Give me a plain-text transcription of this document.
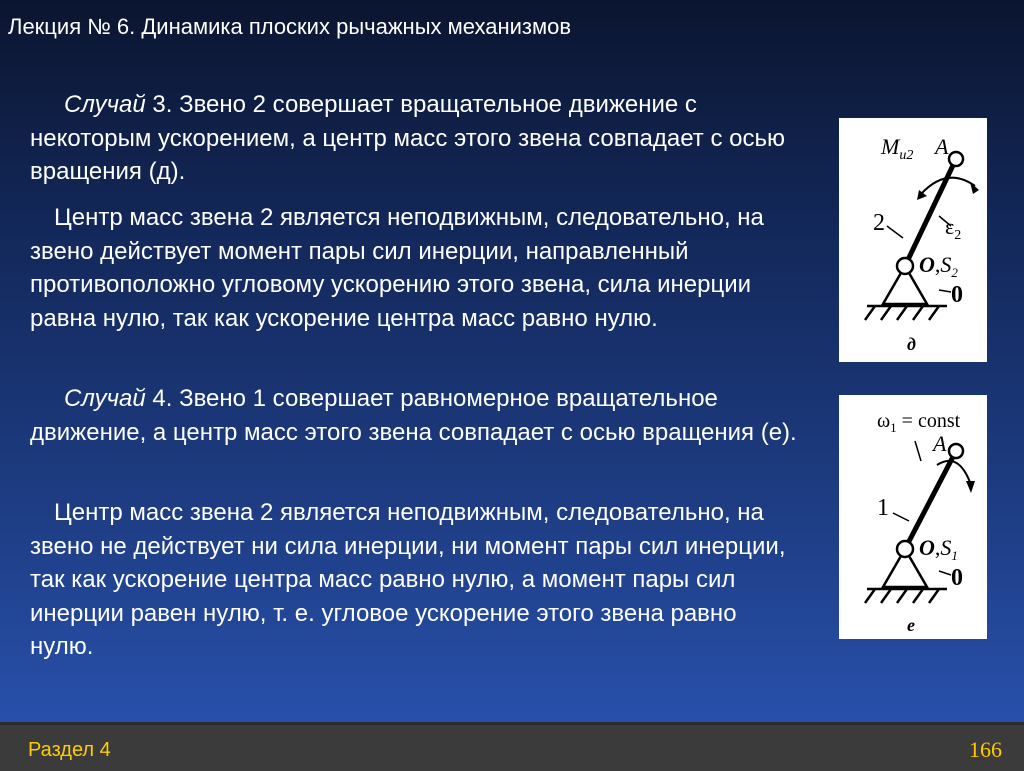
Лекция № 6. Динамика плоских рычажных механизмов
Случай 3. Звено 2 совершает вращательное движение с некоторым ускорением, а центр масс этого звена совпадает с осью вращения (д).
Центр масс звена 2 является неподвижным, следовательно, на звено действует момент пары сил инерции, направленный противоположно угловому ускорению этого звена, сила инерции равна нулю, так как ускорение центра масс равно нулю.
Случай 4. Звено 1 совершает равномерное вращательное движение, а центр масс этого звена совпадает с осью вращения (е).
Центр масс звена 2 является неподвижным, следовательно, на звено не действует ни сила инерции, ни момент пары сил инерции, так как ускорение центра масс равно нулю, а момент пары сил инерции равен нулю, т. е. угловое ускорение этого звена равно нулю.
$M_{и2}$ A
2	$\varepsilon_2$
$O,S_2$
0
д
$\omega_1$ = const
A
1
$O,S_1$
0
е
Раздел 4	166
